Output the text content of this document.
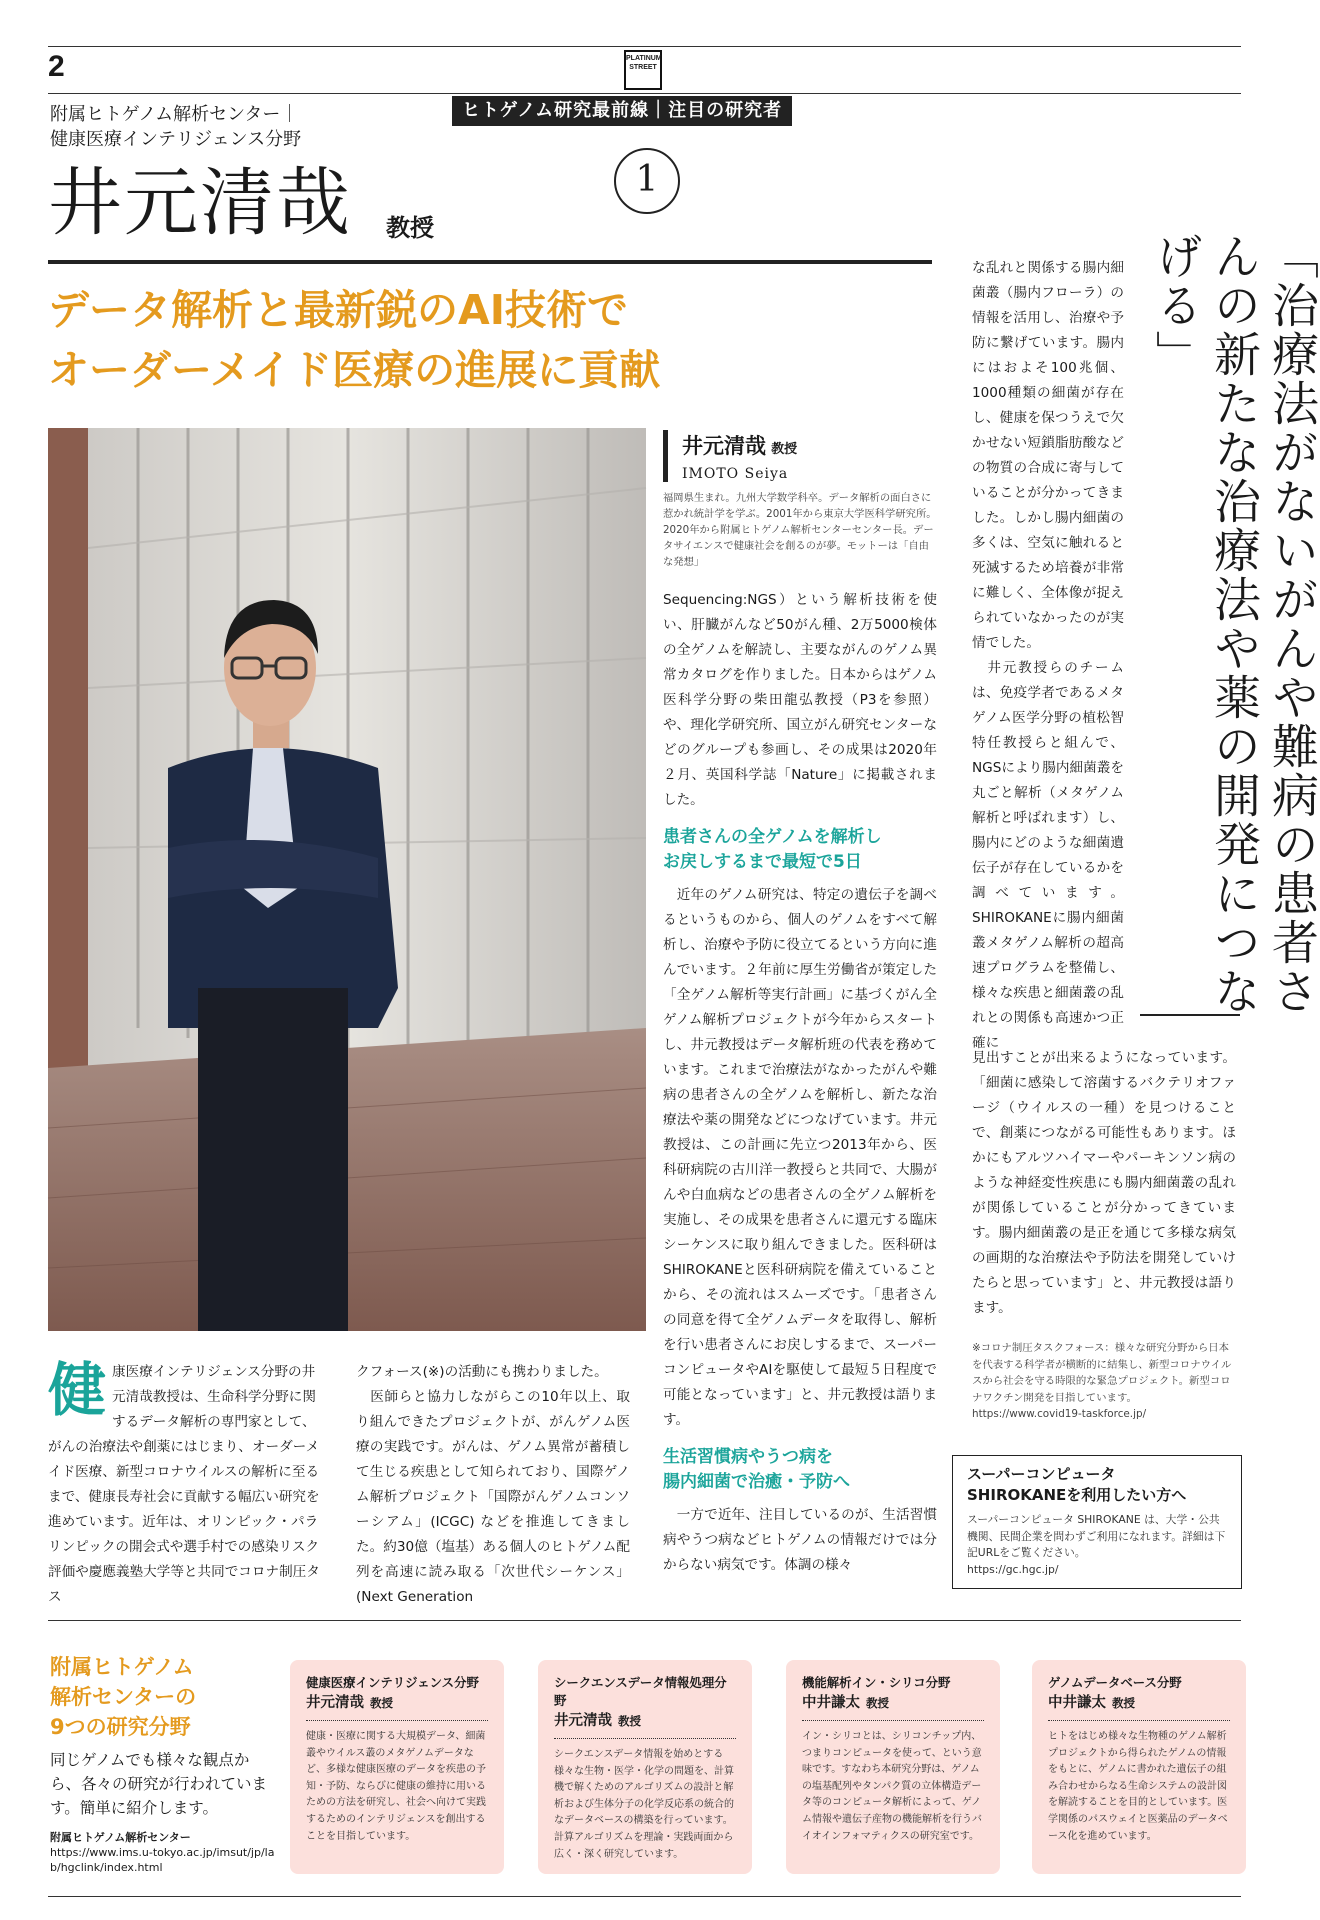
2	PLATINUM STREET
ヒトゲノム研究最前線｜注目の研究者
附属ヒトゲノム解析センター｜
健康医療インテリジェンス分野
1
井元清哉 教授
データ解析と最新鋭のAI技術で
オーダーメイド医療の進展に貢献
井元清哉 教授
IMOTO Seiya
福岡県生まれ。九州大学数学科卒。データ解析の面白さに惹かれ統計学を学ぶ。2001年から東京大学医科学研究所。2020年から附属ヒトゲノム解析センターセンター長。データサイエンスで健康社会を創るのが夢。モットーは「自由な発想」
Sequencing:NGS）という解析技術を使い、肝臓がんなど50がん種、2万5000検体の全ゲノムを解読し、主要ながんのゲノム異常カタログを作りました。日本からはゲノム医科学分野の柴田龍弘教授（P3を参照）や、理化学研究所、国立がん研究センターなどのグループも参画し、その成果は2020年２月、英国科学誌「Nature」に掲載されました。
患者さんの全ゲノムを解析し
お戻しするまで最短で5日
　近年のゲノム研究は、特定の遺伝子を調べるというものから、個人のゲノムをすべて解析し、治療や予防に役立てるという方向に進んでいます。２年前に厚生労働省が策定した「全ゲノム解析等実行計画」に基づくがん全ゲノム解析プロジェクトが今年からスタートし、井元教授はデータ解析班の代表を務めています。これまで治療法がなかったがんや難病の患者さんの全ゲノムを解析し、新たな治療法や薬の開発などにつなげています。井元教授は、この計画に先立つ2013年から、医科研病院の古川洋一教授らと共同で、大腸がんや白血病などの患者さんの全ゲノム解析を実施し、その成果を患者さんに還元する臨床シーケンスに取り組んできました。医科研はSHIROKANEと医科研病院を備えていることから、その流れはスムーズです。「患者さんの同意を得て全ゲノムデータを取得し、解析を行い患者さんにお戻しするまで、スーパーコンピュータやAIを駆使して最短５日程度で可能となっています」と、井元教授は語ります。
生活習慣病やうつ病を
腸内細菌で治癒・予防へ
　一方で近年、注目しているのが、生活習慣病やうつ病などヒトゲノムの情報だけでは分からない病気です。体調の様々
な乱れと関係する腸内細菌叢（腸内フローラ）の情報を活用し、治療や予防に繋げています。腸内にはおよそ100兆個、1000種類の細菌が存在し、健康を保つうえで欠かせない短鎖脂肪酸などの物質の合成に寄与していることが分かってきました。しかし腸内細菌の多くは、空気に触れると死滅するため培養が非常に難しく、全体像が捉えられていなかったのが実情でした。
　井元教授らのチームは、免疫学者であるメタゲノム医学分野の植松智特任教授らと組んで、NGSにより腸内細菌叢を丸ごと解析（メタゲノム解析と呼ばれます）し、腸内にどのような細菌遺伝子が存在しているかを調べています。SHIROKANEに腸内細菌叢メタゲノム解析の超高速プログラムを整備し、様々な疾患と細菌叢の乱れとの関係も高速かつ正確に
見出すことが出来るようになっています。「細菌に感染して溶菌するバクテリオファージ（ウイルスの一種）を見つけることで、創薬につながる可能性もあります。ほかにもアルツハイマーやパーキンソン病のような神経変性疾患にも腸内細菌叢の乱れが関係していることが分かってきています。腸内細菌叢の是正を通じて多様な病気の画期的な治療法や予防法を開発していけたらと思っています」と、井元教授は語ります。
「治療法がないがんや難病の患者さんの新たな治療法や薬の開発につなげる」
健 康医療インテリジェンス分野の井元清哉教授は、生命科学分野に関するデータ解析の専門家として、がんの治療法や創薬にはじまり、オーダーメイド医療、新型コロナウイルスの解析に至るまで、健康長寿社会に貢献する幅広い研究を進めています。近年は、オリンピック・パラリンピックの開会式や選手村での感染リスク評価や慶應義塾大学等と共同でコロナ制圧タス
クフォース(※)の活動にも携わりました。
　医師らと協力しながらこの10年以上、取り組んできたプロジェクトが、がんゲノム医療の実践です。がんは、ゲノム異常が蓄積して生じる疾患として知られており、国際ゲノム解析プロジェクト「国際がんゲノムコンソーシアム」(ICGC) などを推進してきました。約30億（塩基）ある個人のヒトゲノム配列を高速に読み取る「次世代シーケンス」(Next Generation
※コロナ制圧タスクフォース：様々な研究分野から日本を代表する科学者が横断的に結集し、新型コロナウイルスから社会を守る時限的な緊急プロジェクト。新型コロナワクチン開発を目指しています。
https://www.covid19-taskforce.jp/
スーパーコンピュータ
SHIROKANEを利用したい方へ
スーパーコンピュータ SHIROKANE は、大学・公共機関、民間企業を問わずご利用になれます。詳細は下記URLをご覧ください。
https://gc.hgc.jp/
附属ヒトゲノム
解析センターの
9つの研究分野
同じゲノムでも様々な観点から、各々の研究が行われています。簡単に紹介します。
附属ヒトゲノム解析センター
https://www.ims.u-tokyo.ac.jp/imsut/jp/lab/hgclink/index.html
健康医療インテリジェンス分野
井元清哉 教授
健康・医療に関する大規模データ、細菌叢やウイルス叢のメタゲノムデータなど、多様な健康医療のデータを疾患の予知・予防、ならびに健康の維持に用いるための方法を研究し、社会へ向けて実践するためのインテリジェンスを創出することを目指しています。
シークエンスデータ情報処理分野
井元清哉 教授
シークエンスデータ情報を始めとする様々な生物・医学・化学の問題を、計算機で解くためのアルゴリズムの設計と解析および生体分子の化学反応系の統合的なデータベースの構築を行っています。計算アルゴリズムを理論・実践両面から広く・深く研究しています。
機能解析イン・シリコ分野
中井謙太 教授
イン・シリコとは、シリコンチップ内、つまりコンピュータを使って、という意味です。すなわち本研究分野は、ゲノムの塩基配列やタンパク質の立体構造データ等のコンピュータ解析によって、ゲノム情報や遺伝子産物の機能解析を行うバイオインフォマティクスの研究室です。
ゲノムデータベース分野
中井謙太 教授
ヒトをはじめ様々な生物種のゲノム解析プロジェクトから得られたゲノムの情報をもとに、ゲノムに書かれた遺伝子の組み合わせからなる生命システムの設計図を解読することを目的としています。医学関係のパスウェイと医薬品のデータベース化を進めています。
